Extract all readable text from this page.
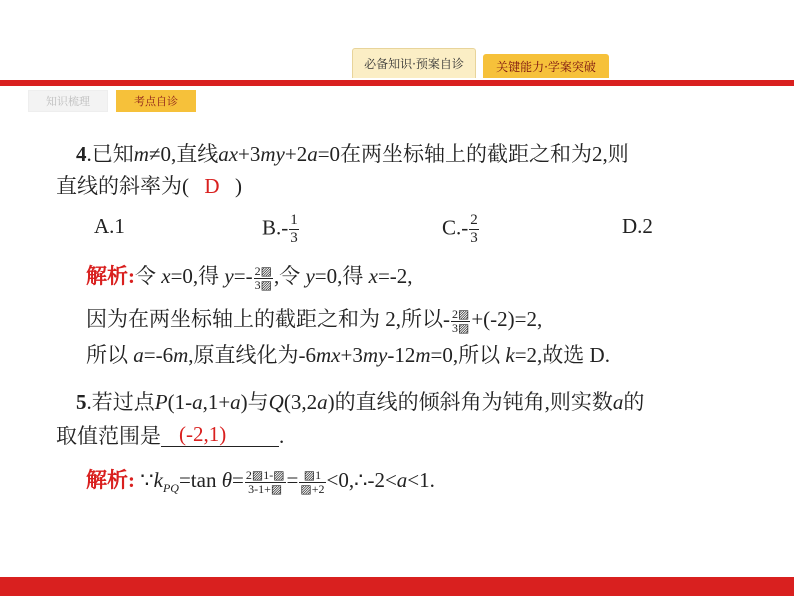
必备知识·预案自诊	关键能力·学案突破
知识梳理	考点自诊
4.已知m≠0,直线ax+3my+2a=0在两坐标轴上的截距之和为2,则
直线的斜率为( D )
A.1	$B.- \frac{1}{3}$	$C.- \frac{2}{3}$	D.2
解析:令 x=0,得 $y=- \frac{2▨}{3▨}$ ,令 y=0,得 x=-2,
因为在两坐标轴上的截距之和为 2,所以- $\frac{2▨}{3▨} +(-2)=2$,
所以 a=-6m,原直线化为-6mx+3my-12m=0,所以 k=2,故选 D.
5.若过点P(1-a,1+a)与Q(3,2a)的直线的倾斜角为钝角,则实数a的
取值范围是 (-2,1)	.
解析: $\because k_{PQ}=\tan$ $\theta= \frac{2▨1-▨}{3-1+▨} = \frac{▨1}{▨+2}$ <0,∴-2<a<1.
